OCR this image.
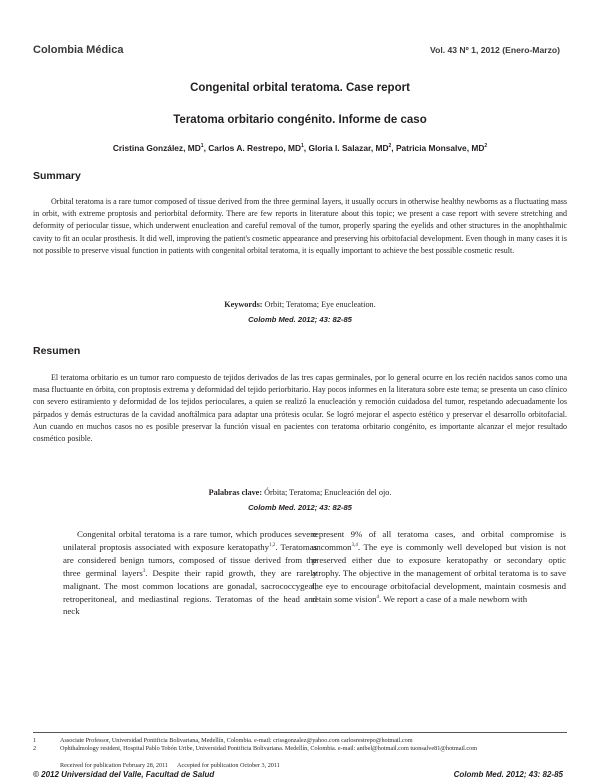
Colombia Médica	Vol. 43 Nº 1, 2012 (Enero-Marzo)
Congenital orbital teratoma. Case report
Teratoma orbitario congénito. Informe de caso
Cristina González, $MD^1$, Carlos A. Restrepo, $MD^1$, Gloria I. Salazar, $MD^2$, Patricia Monsalve, $MD^2$
Summary
Orbital teratoma is a rare tumor composed of tissue derived from the three germinal layers, it usually occurs in otherwise healthy newborns as a fluctuating mass in orbit, with extreme proptosis and periorbital deformity. There are few reports in literature about this topic; we present a case report with severe stretching and deformity of periocular tissue, which underwent enucleation and careful removal of the tumor, properly sparing the eyelids and other structures in the anophthalmic cavity to fit an ocular prosthesis. It did well, improving the patient's cosmetic appearance and preserving his orbitofacial development. Even though in many cases it is not possible to preserve visual function in patients with congenital orbital teratoma, it is equally important to achieve the best possible cosmetic result.
Keywords: Orbit; Teratoma; Eye enucleation.
Colomb Med. 2012; 43: 82-85
Resumen
El teratoma orbitario es un tumor raro compuesto de tejidos derivados de las tres capas germinales, por lo general ocurre en los recién nacidos sanos como una masa fluctuante en órbita, con proptosis extrema y deformidad del tejido periorbitario. Hay pocos informes en la literatura sobre este tema; se presenta un caso clínico con severo estiramiento y deformidad de los tejidos perioculares, a quien se realizó la enucleación y remoción cuidadosa del tumor, respetando adecuadamente los párpados y demás estructuras de la cavidad anoftálmica para adaptar una prótesis ocular. Se logró mejorar el aspecto estético y preservar el desarrollo orbitofacial. Aun cuando en muchos casos no es posible preservar la función visual en pacientes con teratoma orbitario congénito, es importante alcanzar el mejor resultado cosmético posible.
Palabras clave: Órbita; Teratoma; Enucleación del ojo.
Colomb Med. 2012; 43: 82-85
Congenital orbital teratoma is a rare tumor, which produces severe unilateral proptosis associated with exposure keratopathy$^{1,2}$. Teratomas are considered benign tumors, composed of tissue derived from the three germinal layers$^3$. Despite their rapid growth, they are rarely malignant. The most common locations are gonadal, sacrococcygeal, retroperitoneal, and mediastinal regions. Teratomas of the head and neck
represent 9% of all teratoma cases, and orbital compromise is uncommon$^{3,4}$. The eye is commonly well developed but vision is not preserved either due to exposure keratopathy or secondary optic atrophy. The objective in the management of orbital teratoma is to save the eye to encourage orbitofacial development, maintain cosmesis and retain some vision$^4$. We report a case of a male newborn with
1	Associate Professor, Universidad Pontificia Bolivariana, Medellín, Colombia. e-mail: crissgonzalez@yahoo.com carlosrestrepo@hotmail.com
2	Ophthalmology resident, Hospital Pablo Tobón Uribe, Universidad Pontificia Bolivariana. Medellín, Colombia. e-mail: anibel@hotmail.com tuonsalve81@hotmail.com
Received for publication February 28, 2011 Accepted for publication October 3, 2011
© 2012 Universidad del Valle, Facultad de Salud	Colomb Med. 2012; 43: 82-85
